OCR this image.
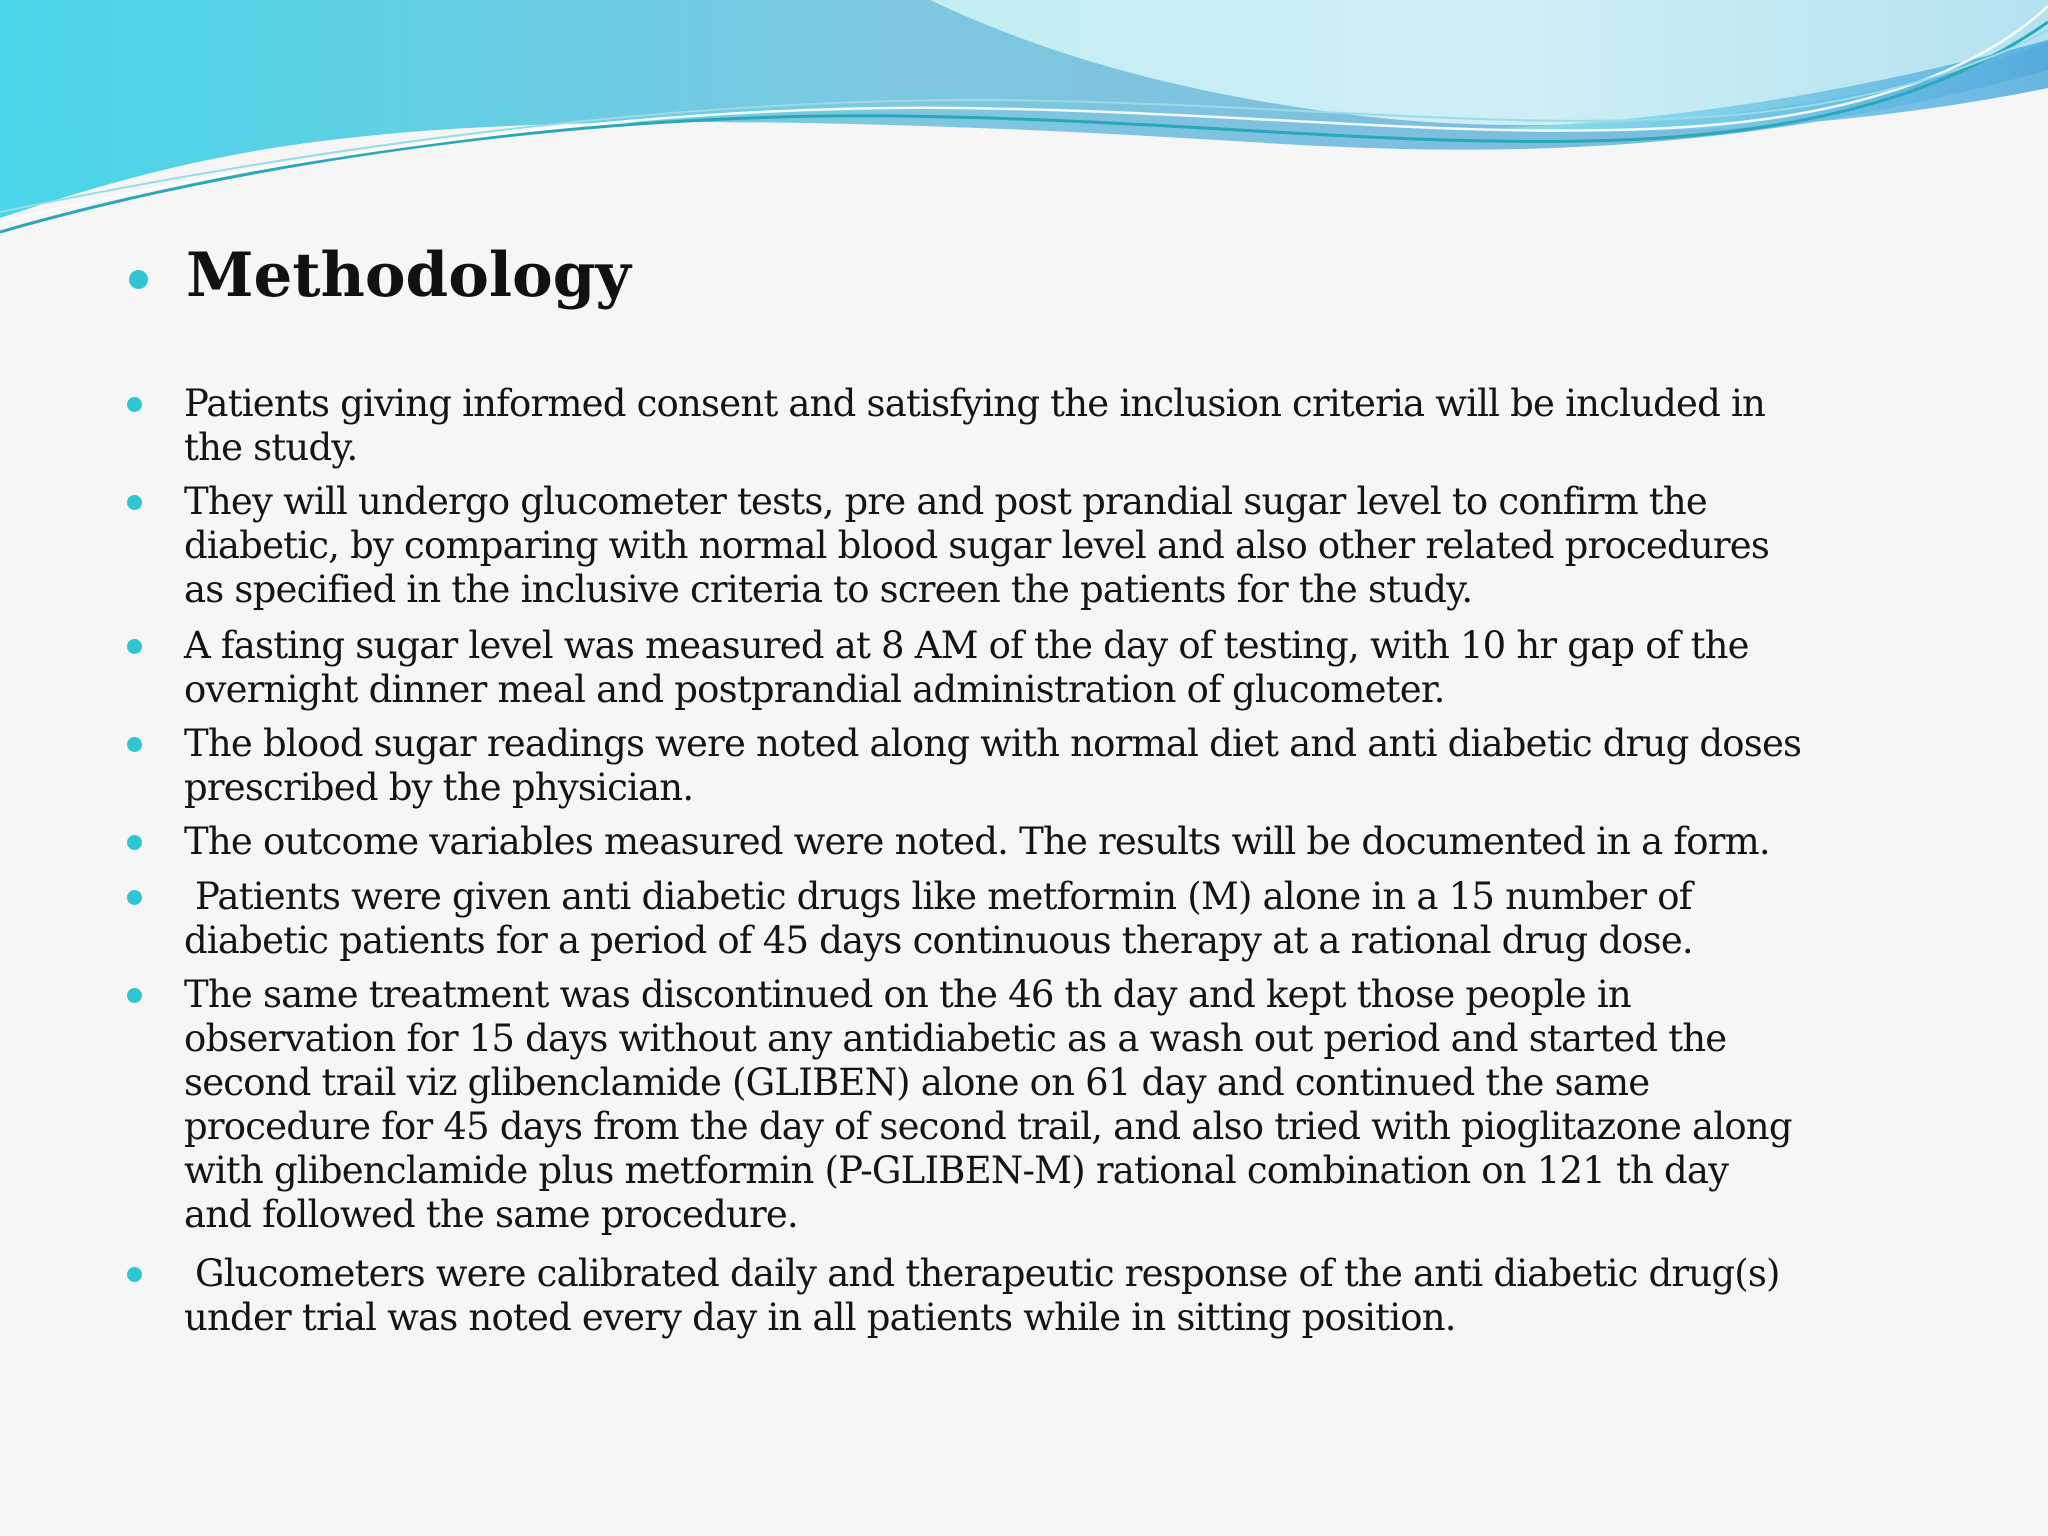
Methodology

Patients giving informed consent and satisfying the inclusion criteria will be included in
the study.

They will undergo glucometer tests, pre and post prandial sugar level to confirm the
diabetic, by comparing with normal blood sugar level and also other related procedures
as specified in the inclusive criteria to screen the patients for the study.

A fasting sugar level was measured at 8 AM of the day of testing, with 10 hr gap of the
overnight dinner meal and postprandial administration of glucometer.

The blood sugar readings were noted along with normal diet and anti diabetic drug doses
prescribed by the physician.

The outcome variables measured were noted. The results will be documented in a form.

Patients were given anti diabetic drugs like metformin (M) alone in a 15 number of
diabetic patients for a period of 45 days continuous therapy at a rational drug dose.

The same treatment was discontinued on the 46 th day and kept those people in
observation for 15 days without any antidiabetic as a wash out period and started the
second trail viz glibenclamide (GLIBEN) alone on 61 day and continued the same
procedure for 45 days from the day of second trail, and also tried with pioglitazone along
with glibenclamide plus metformin (P-GLIBEN-M) rational combination on 121 th day
and followed the same procedure.

Glucometers were calibrated daily and therapeutic response of the anti diabetic drug(s)
under trial was noted every day in all patients while in sitting position.
